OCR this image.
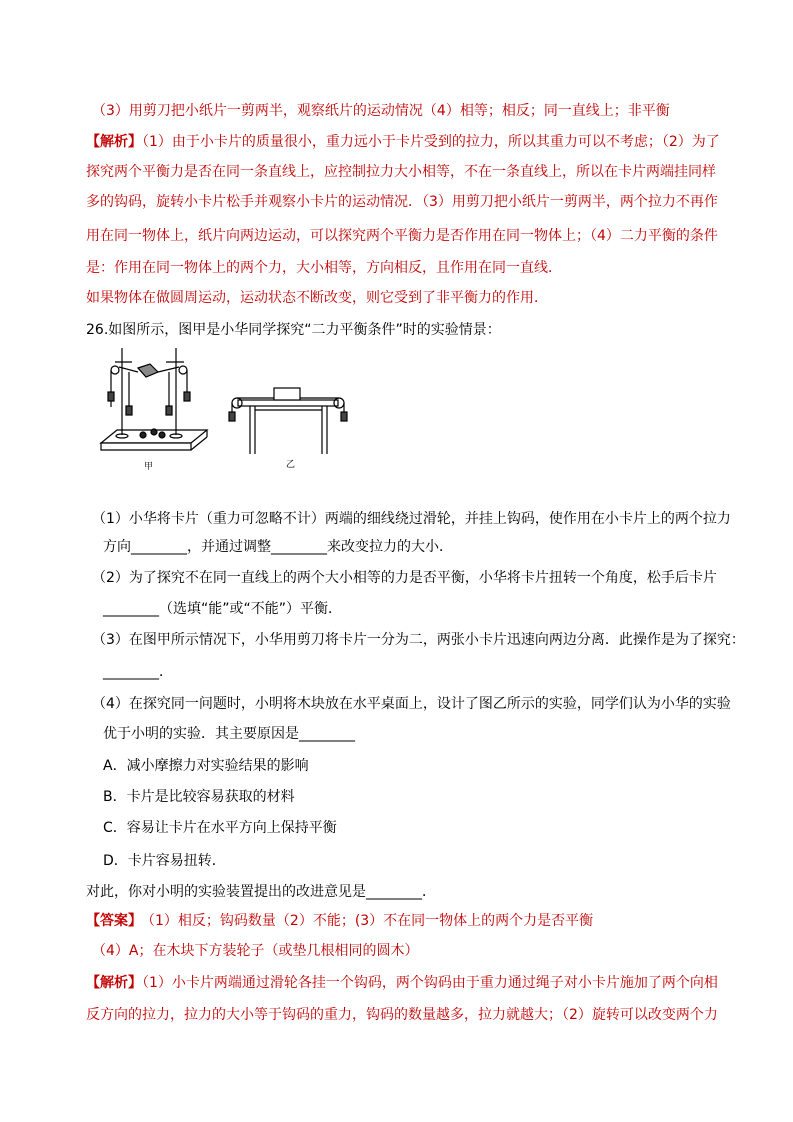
（3）用剪刀把小纸片一剪两半，观察纸片的运动情况（4）相等；相反；同一直线上；非平衡
【解析】（1）由于小卡片的质量很小，重力远小于卡片受到的拉力，所以其重力可以不考虑；（2）为了
探究两个平衡力是否在同一条直线上，应控制拉力大小相等，不在一条直线上，所以在卡片两端挂同样
多的钩码，旋转小卡片松手并观察小卡片的运动情况．（3）用剪刀把小纸片一剪两半，两个拉力不再作
用在同一物体上，纸片向两边运动，可以探究两个平衡力是否作用在同一物体上；（4）二力平衡的条件
是：作用在同一物体上的两个力，大小相等，方向相反，且作用在同一直线．
如果物体在做圆周运动，运动状态不断改变，则它受到了非平衡力的作用．
26.如图所示，图甲是小华同学探究“二力平衡条件”时的实验情景：
甲	乙
（1）小华将卡片（重力可忽略不计）两端的细线绕过滑轮，并挂上钩码，使作用在小卡片上的两个拉力
方向________，并通过调整________来改变拉力的大小．
（2）为了探究不在同一直线上的两个大小相等的力是否平衡，小华将卡片扭转一个角度，松手后卡片
________（选填“能”或“不能”）平衡．
（3）在图甲所示情况下，小华用剪刀将卡片一分为二，两张小卡片迅速向两边分离．此操作是为了探究：
________．
（4）在探究同一问题时，小明将木块放在水平桌面上，设计了图乙所示的实验，同学们认为小华的实验
优于小明的实验．其主要原因是________
A．减小摩擦力对实验结果的影响
B．卡片是比较容易获取的材料
C．容易让卡片在水平方向上保持平衡
D．卡片容易扭转．
对此，你对小明的实验装置提出的改进意见是________．
【答案】 （1）相反；钩码数量（2）不能；(3）不在同一物体上的两个力是否平衡
（4）A；在木块下方装轮子（或垫几根相同的圆木）
【解析】（1）小卡片两端通过滑轮各挂一个钩码，两个钩码由于重力通过绳子对小卡片施加了两个向相
反方向的拉力，拉力的大小等于钩码的重力，钩码的数量越多，拉力就越大；（2）旋转可以改变两个力
